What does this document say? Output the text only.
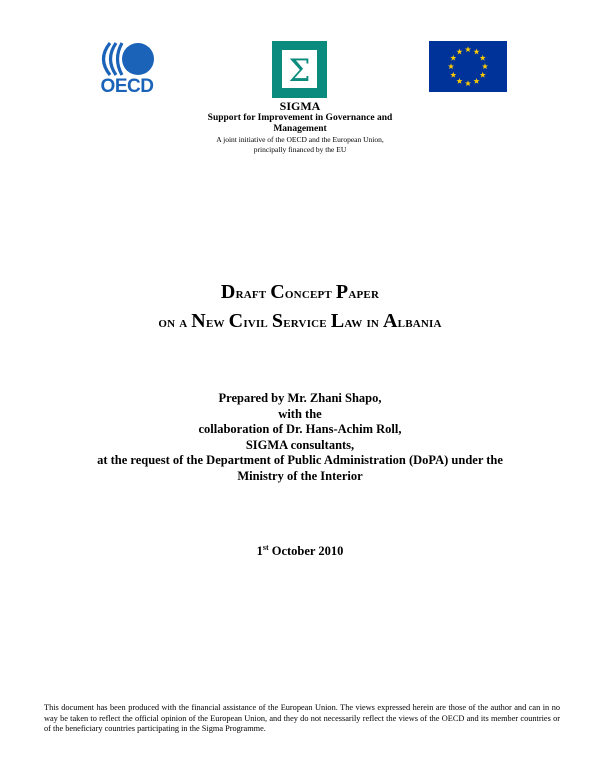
OECD	Σ
SIGMA
Support for Improvement in Governance and Management
A joint initiative of the OECD and the European Union,
principally financed by the EU
Draft Concept Paper
on a New Civil Service Law in Albania
Prepared by Mr. Zhani Shapo,
with the
collaboration of Dr. Hans-Achim Roll,
SIGMA consultants,
at the request of the Department of Public Administration (DoPA) under the
Ministry of the Interior
1st October 2010
This document has been produced with the financial assistance of the European Union. The views expressed herein are those of the author and can in no way be taken to reflect the official opinion of the European Union, and they do not necessarily reflect the views of the OECD and its member countries or of the beneficiary countries participating in the Sigma Programme.
